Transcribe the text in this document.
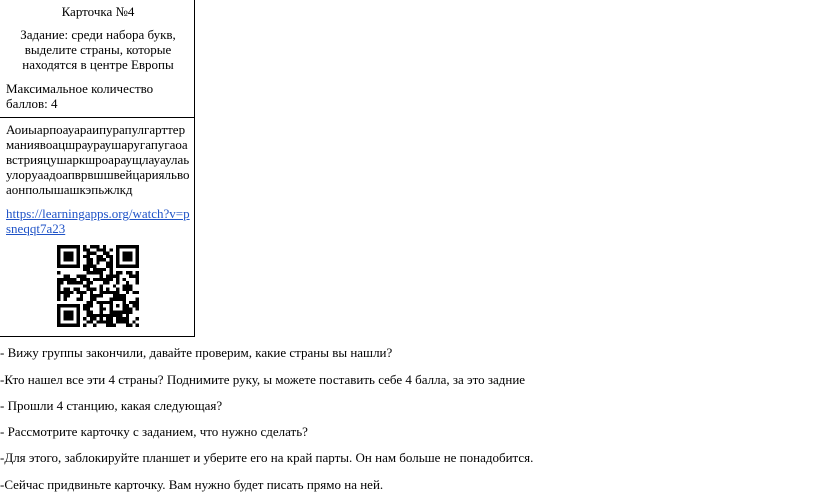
Карточка №4
Задание: среди набора букв, выделите страны, которые находятся в центре Европы
Максимальное количество баллов: 4
Аоиыарпоауараипурапулгарттерманиявоацшраураушаругапугаоавстрияцушаркшроараущлауаулаьулоруаадоапврвшшвейцарияльвоаонполышашкэпьжлкд
https://learningapps.org/watch?v=psneqqt7a23
- Вижу группы закончили, давайте проверим, какие страны вы нашли?
-Кто нашел все эти 4 страны? Поднимите руку, ы можете поставить себе 4 балла, за это задние
- Прошли 4 станцию, какая следующая?
- Рассмотрите карточку с заданием, что нужно сделать?
-Для этого, заблокируйте планшет и уберите его на край парты. Он нам больше не понадобится.
-Сейчас придвиньте карточку. Вам нужно будет писать прямо на ней.
